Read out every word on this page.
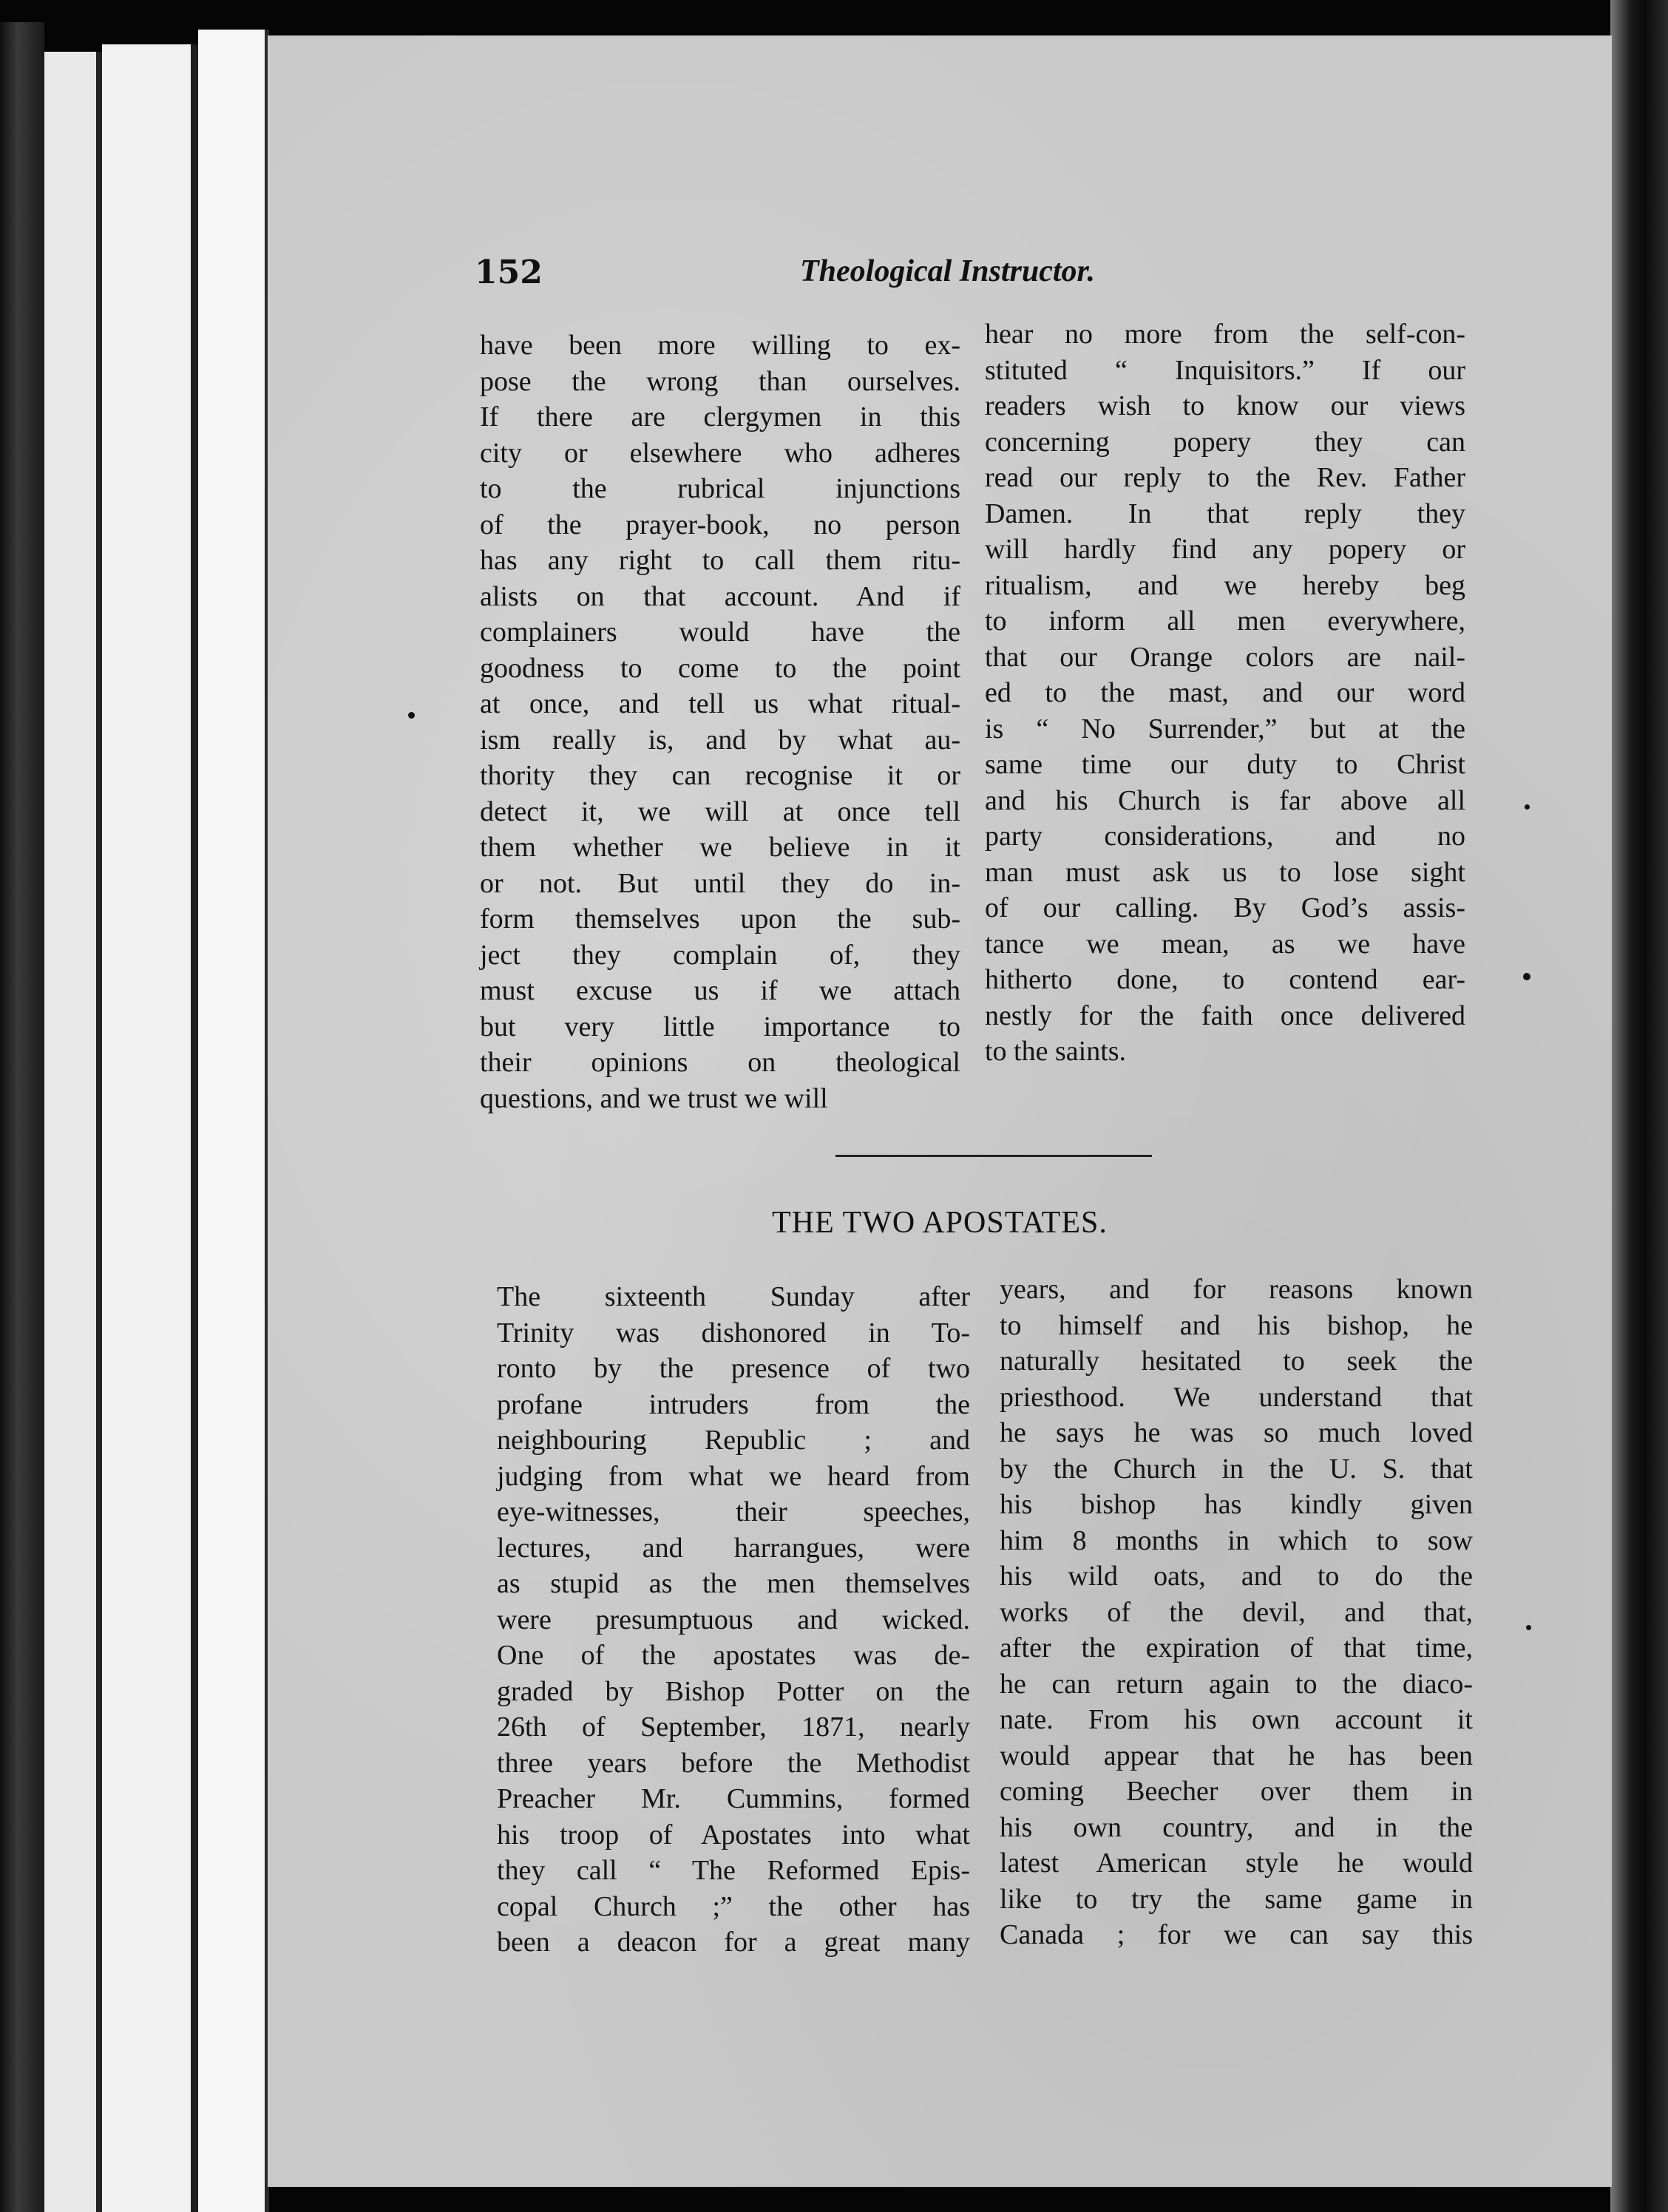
152	Theological Instructor.

have been more willing to ex-
pose the wrong than ourselves.
If there are clergymen in this
city or elsewhere who adheres
to the rubrical injunctions
of the prayer-book, no person
has any right to call them ritu-
alists on that account. And if
complainers would have the
goodness to come to the point
at once, and tell us what ritual-
ism really is, and by what au-
thority they can recognise it or
detect it, we will at once tell
them whether we believe in it
or not. But until they do in-
form themselves upon the sub-
ject they complain of, they
must excuse us if we attach
but very little importance to
their opinions on theological
questions, and we trust we will

hear no more from the self-con-
stituted “ Inquisitors.” If our
readers wish to know our views
concerning popery they can
read our reply to the Rev. Father
Damen. In that reply they
will hardly find any popery or
ritualism, and we hereby beg
to inform all men everywhere,
that our Orange colors are nail-
ed to the mast, and our word
is “ No Surrender,” but at the
same time our duty to Christ
and his Church is far above all
party considerations, and no
man must ask us to lose sight
of our calling. By God’s assis-
tance we mean, as we have
hitherto done, to contend ear-
nestly for the faith once delivered
to the saints.

THE TWO APOSTATES.

The sixteenth Sunday after
Trinity was dishonored in To-
ronto by the presence of two
profane intruders from the
neighbouring Republic ; and
judging from what we heard from
eye-witnesses, their speeches,
lectures, and harrangues, were
as stupid as the men themselves
were presumptuous and wicked.
One of the apostates was de-
graded by Bishop Potter on the
26th of September, 1871, nearly
three years before the Methodist
Preacher Mr. Cummins, formed
his troop of Apostates into what
they call “ The Reformed Epis-
copal Church ;” the other has
been a deacon for a great many

years, and for reasons known
to himself and his bishop, he
naturally hesitated to seek the
priesthood. We understand that
he says he was so much loved
by the Church in the U. S. that
his bishop has kindly given
him 8 months in which to sow
his wild oats, and to do the
works of the devil, and that,
after the expiration of that time,
he can return again to the diaco-
nate. From his own account it
would appear that he has been
coming Beecher over them in
his own country, and in the
latest American style he would
like to try the same game in
Canada ; for we can say this
